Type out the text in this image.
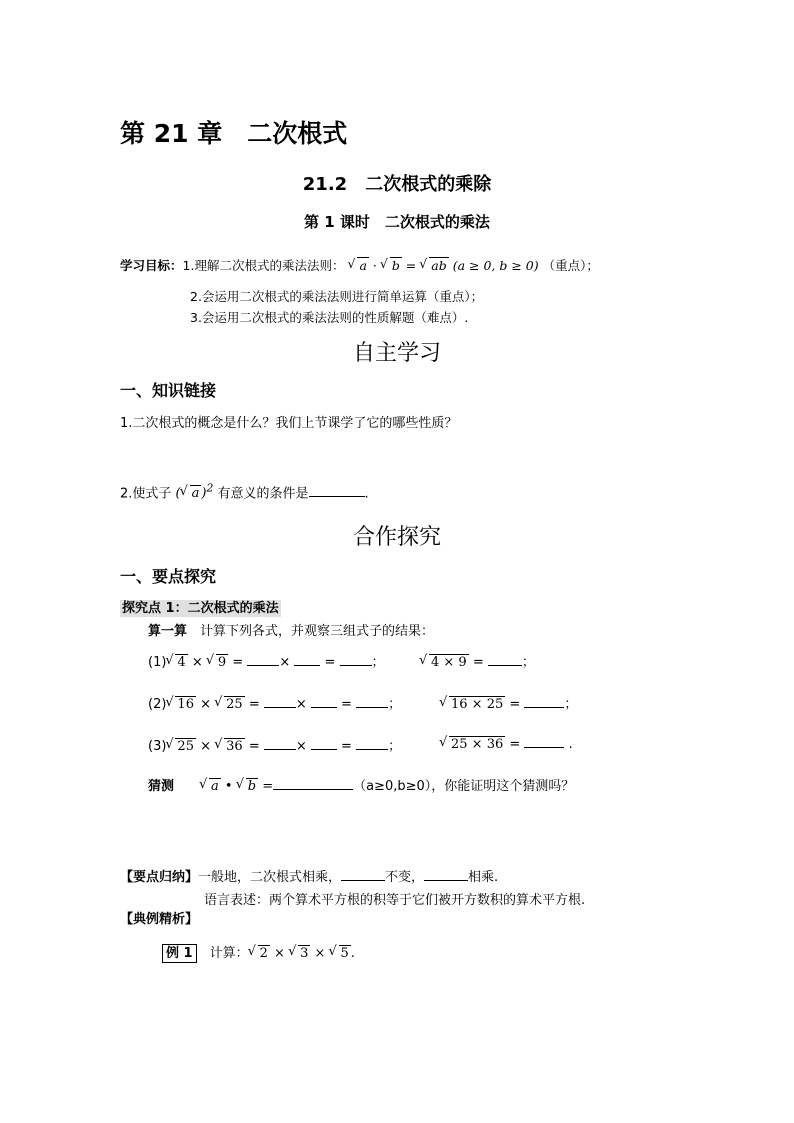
第 21 章　二次根式
21.2　二次根式的乘除
第 1 课时　二次根式的乘法
学习目标：1.理解二次根式的乘法法则： √ a · √ b = √ ab (a ≥ 0, b ≥ 0) （重点）；
2.会运用二次根式的乘法法则进行简单运算（重点）；
3.会运用二次根式的乘法法则的性质解题（难点）.
自主学习
一、知识链接
1.二次根式的概念是什么？我们上节课学了它的哪些性质？
2.使式子 ( √ a )$^2$ 有意义的条件是	.
合作探究
一、要点探究
探究点 1：二次根式的乘法
算一算　 计算下列各式，并观察三组式子的结果：
(1) √ 4 × √ 9 = ×  = ；	√ 4 × 9 =	；
(2) √ 16 × √ 25 = ×  = ；	√ 16 × 25 =	；
(3) √ 25 × √ 36 = ×  = ；	√ 25 × 36 =	.
猜测　　	√ a • √ b =	（a≥0,b≥0），你能证明这个猜测吗？
【要点归纳】一般地，二次根式相乘，	不变，	相乘.
语言表述：两个算术平方根的积等于它们被开方数积的算术平方根.
【典例精析】
例 1　 计算： √ 2 × √ 3 × √ 5 .
